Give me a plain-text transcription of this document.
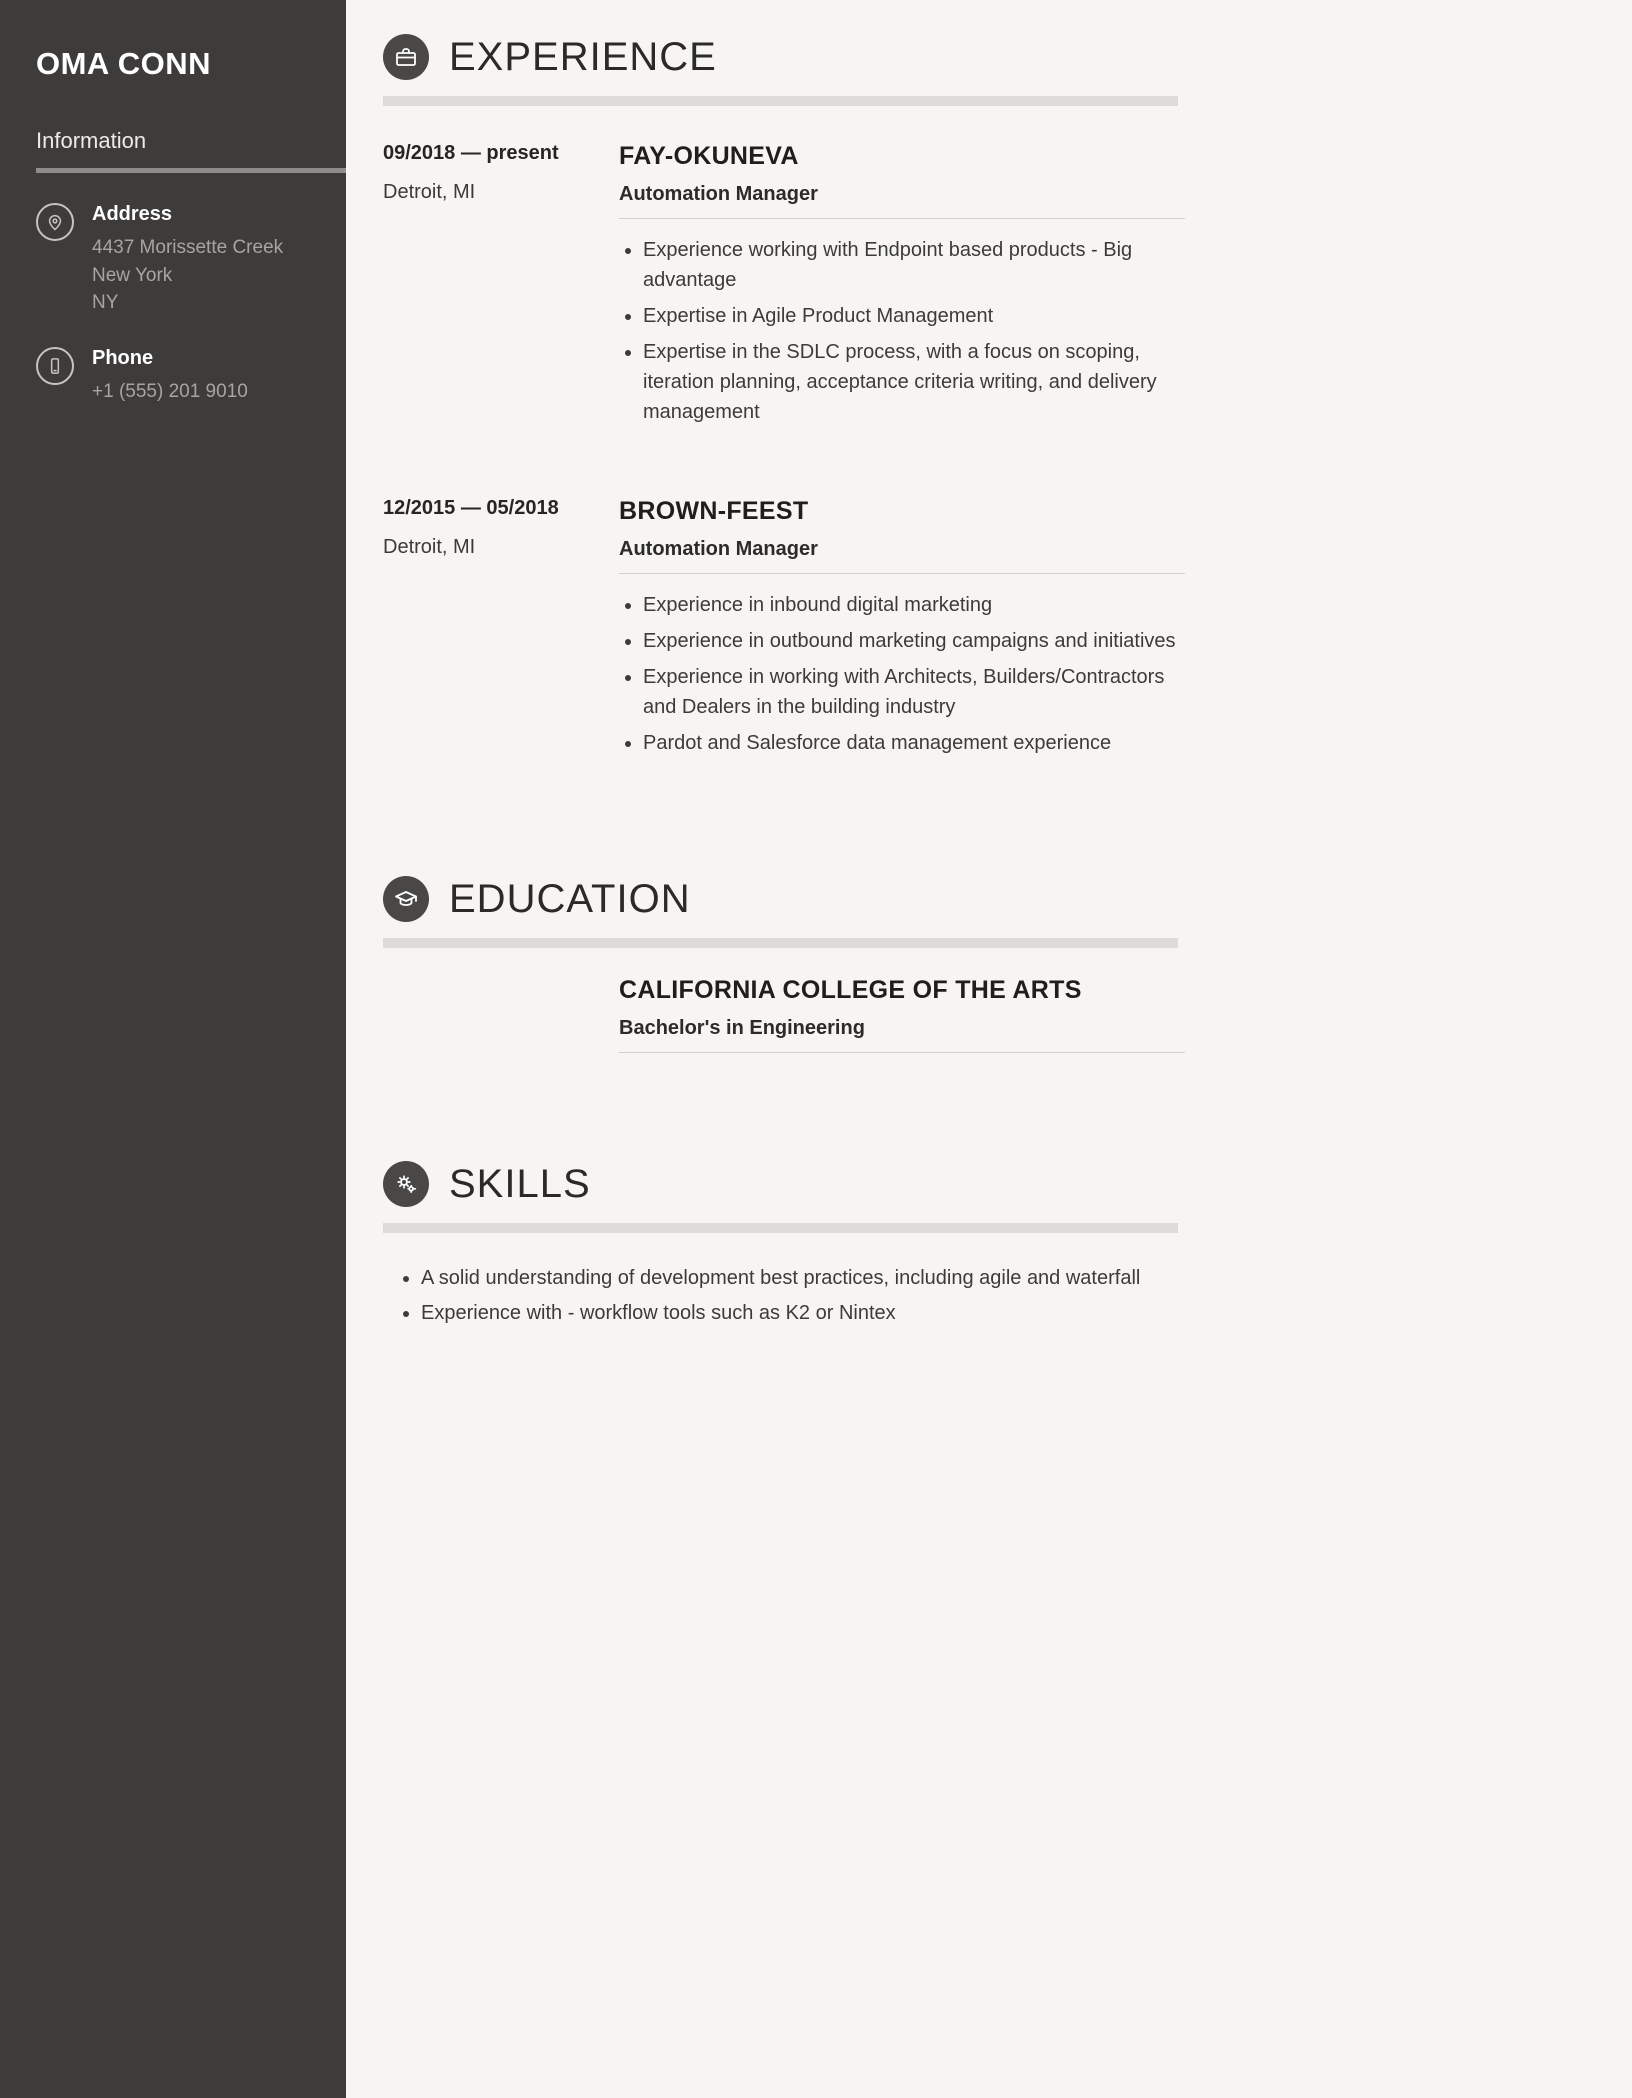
OMA CONN
Information
Address
4437 Morissette Creek
New York
NY
Phone
+1 (555) 201 9010
EXPERIENCE
09/2018 — present
Detroit, MI
FAY-OKUNEVA
Automation Manager
• Experience working with Endpoint based products - Big advantage
• Expertise in Agile Product Management
• Expertise in the SDLC process, with a focus on scoping, iteration planning, acceptance criteria writing, and delivery management
12/2015 — 05/2018
Detroit, MI
BROWN-FEEST
Automation Manager
• Experience in inbound digital marketing
• Experience in outbound marketing campaigns and initiatives
• Experience in working with Architects, Builders/Contractors and Dealers in the building industry
• Pardot and Salesforce data management experience
EDUCATION
CALIFORNIA COLLEGE OF THE ARTS
Bachelor's in Engineering
SKILLS
• A solid understanding of development best practices, including agile and waterfall
• Experience with - workflow tools such as K2 or Nintex
